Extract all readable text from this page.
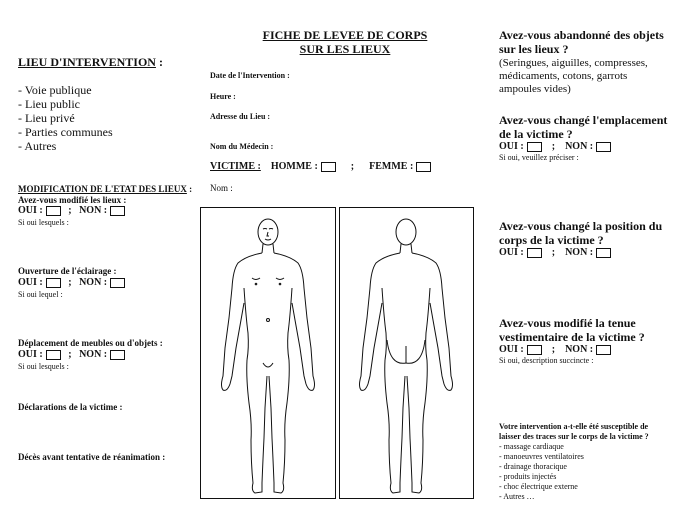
FICHE DE LEVEE DE CORPS
SUR LES LIEUX
LIEU D'INTERVENTION :
- Voie publique
- Lieu public
- Lieu privé
- Parties communes
- Autres
MODIFICATION DE L'ETAT DES LIEUX :
Avez-vous modifié les lieux :
OUI :	; NON :
Si oui lesquels :
Ouverture de l'éclairage :
OUI :	; NON :
Si oui lequel :
Déplacement de meubles ou d'objets :
OUI :	; NON :
Si oui lesquels :
Déclarations de la victime :
Décès avant tentative de réanimation :
Date de l'Intervention :
Heure :
Adresse du Lieu :
Nom du Médecin :
VICTIME : HOMME :	; FEMME :
Nom :
Avez-vous abandonné des objets
sur les lieux ?
(Seringues, aiguilles, compresses,
médicaments, cotons, garrots
ampoules vides)
Avez-vous changé l'emplacement
de la victime ?
OUI :	; NON :
Si oui, veuillez préciser :
Avez-vous changé la position du
corps de la victime ?
OUI :	; NON :
Avez-vous modifié la tenue
vestimentaire de la victime ?
OUI :	; NON :
Si oui, description succincte :
Votre intervention a-t-elle été susceptible de
laisser des traces sur le corps de la victime ?
- massage cardiaque
- manoeuvres ventilatoires
- drainage thoracique
- produits injectés
- choc électrique externe
- Autres …
